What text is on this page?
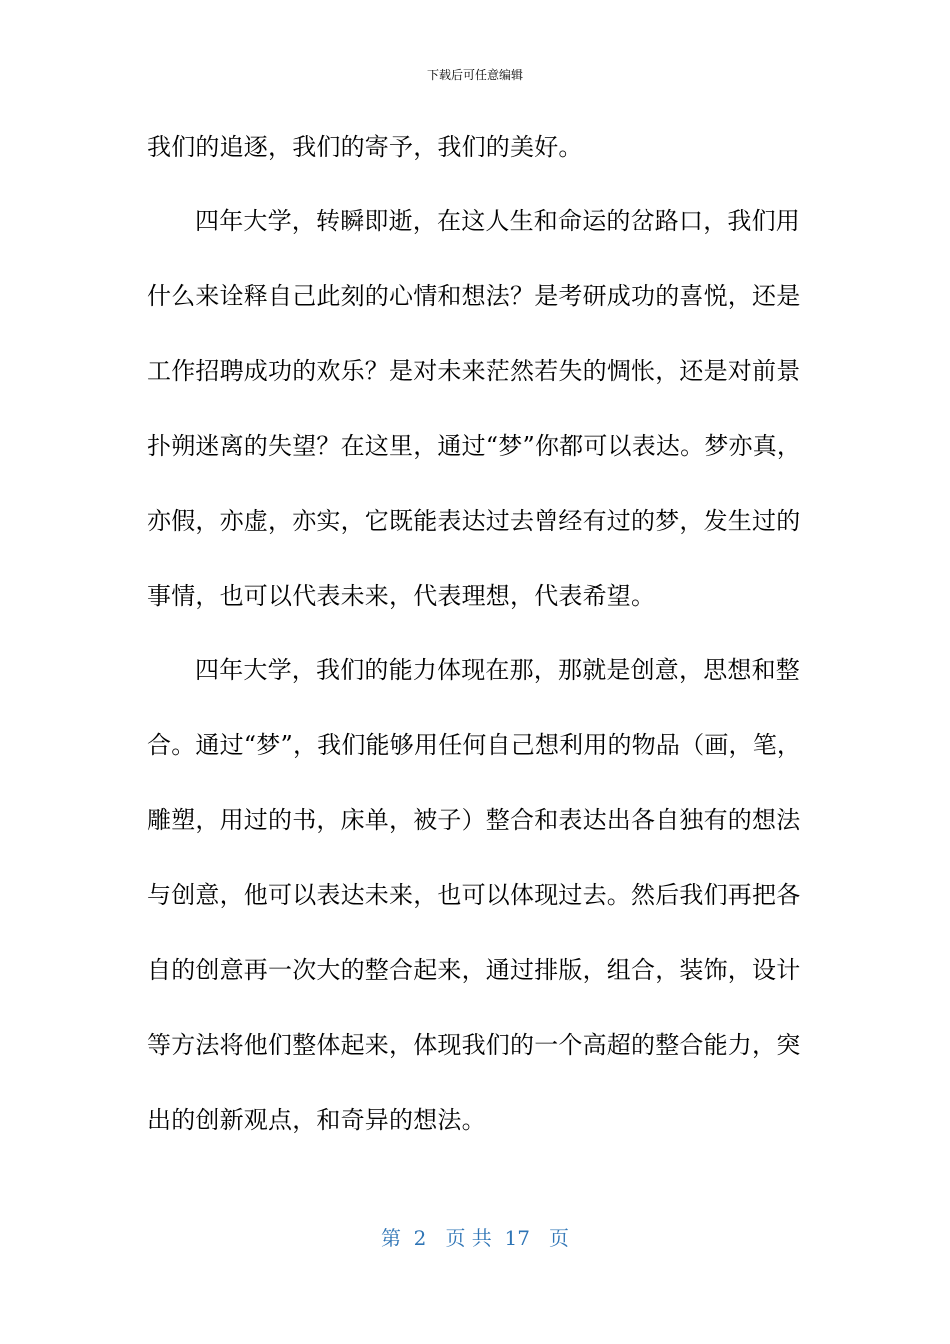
下载后可任意编辑
我们的追逐，我们的寄予，我们的美好。
四年大学，转瞬即逝，在这人生和命运的岔路口，我们用
什么来诠释自己此刻的心情和想法？是考研成功的喜悦，还是
工作招聘成功的欢乐？是对未来茫然若失的惆怅，还是对前景
扑朔迷离的失望？在这里，通过“梦”你都可以表达。梦亦真，
亦假，亦虚，亦实，它既能表达过去曾经有过的梦，发生过的
事情，也可以代表未来，代表理想，代表希望。
四年大学，我们的能力体现在那，那就是创意，思想和整
合。通过“梦”，我们能够用任何自己想利用的物品（画，笔，
雕塑，用过的书，床单，被子）整合和表达出各自独有的想法
与创意，他可以表达未来，也可以体现过去。然后我们再把各
自的创意再一次大的整合起来，通过排版，组合，装饰，设计
等方法将他们整体起来，体现我们的一个高超的整合能力，突
出的创新观点，和奇异的想法。
第  2   页 共  17   页
